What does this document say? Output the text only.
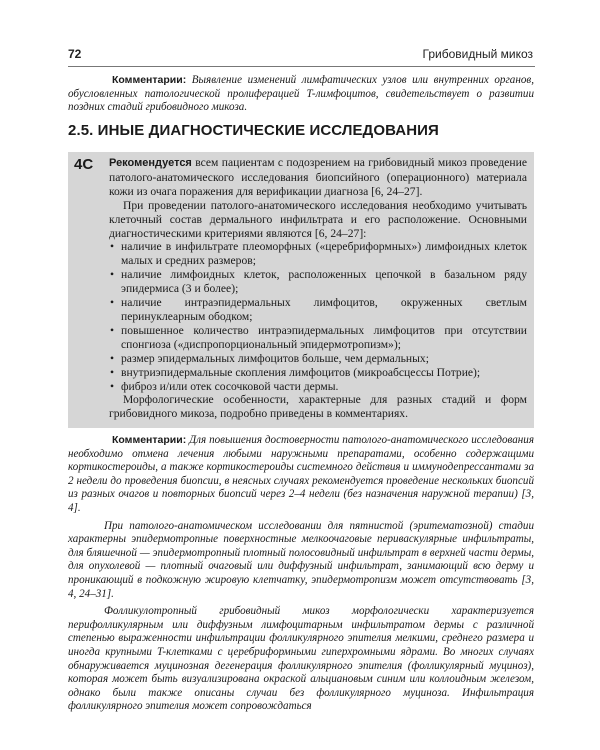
72	Грибовидный микоз
Комментарии: Выявление изменений лимфатических узлов или внутренних органов, обусловленных патологической пролиферацией T-лимфоцитов, свидетельствует о развитии поздних стадий грибовидного микоза.
2.5. ИНЫЕ ДИАГНОСТИЧЕСКИЕ ИССЛЕДОВАНИЯ
4C Рекомендуется всем пациентам с подозрением на грибовидный микоз проведение патолого-анатомического исследования биопсийного (операционного) материала кожи из очага поражения для верификации диагноза [6, 24–27].

При проведении патолого-анатомического исследования необходимо учитывать клеточный состав дермального инфильтрата и его расположение. Основными диагностическими критериями являются [6, 24–27]:

• наличие в инфильтрате плеоморфных («церебриформных») лимфоидных клеток малых и средних размеров;
• наличие лимфоидных клеток, расположенных цепочкой в базальном ряду эпидермиса (3 и более);
• наличие интраэпидермальных лимфоцитов, окруженных светлым перинуклеарным ободком;
• повышенное количество интраэпидермальных лимфоцитов при отсутствии спонгиоза («диспропорциональный эпидермотропизм»);
• размер эпидермальных лимфоцитов больше, чем дермальных;
• внутриэпидермальные скопления лимфоцитов (микроабсцессы Потрие);
• фиброз и/или отек сосочковой части дермы.

Морфологические особенности, характерные для разных стадий и форм грибовидного микоза, подробно приведены в комментариях.

Комментарии: Для повышения достоверности патолого-анатомического исследования необходимо отмена лечения любыми наружными препаратами, особенно содержащими кортикостероиды, а также кортикостероиды системного действия и иммунодепрессантами за 2 недели до проведения биопсии, в неясных случаях рекомендуется проведение нескольких биопсий из разных очагов и повторных биопсий через 2–4 недели (без назначения наружной терапии) [3, 4].

При патолого-анатомическом исследовании для пятнистой (эритематозной) стадии характерны эпидермотропные поверхностные мелкоочаговые периваскулярные инфильтраты, для бляшечной — эпидермотропный плотный полосовидный инфильтрат в верхней части дермы, для опухолевой — плотный очаговый или диффузный инфильтрат, занимающий всю дерму и проникающий в подкожную жировую клетчатку, эпидермотропизм может отсутствовать [3, 4, 24–31].

Фолликулотропный грибовидный микоз морфологически характеризуется перифолликулярным или диффузным лимфоцитарным инфильтратом дермы с различной степенью выраженности инфильтрации фолликулярного эпителия мелкими, среднего размера и иногда крупными T-клетками с церебриформными гиперхромными ядрами. Во многих случаях обнаруживается муцинозная дегенерация фолликулярного эпителия (фолликулярный муциноз), которая может быть визуализирована окраской альциановым синим или коллоидным железом, однако были также описаны случаи без фолликулярного муциноза. Инфильтрация фолликулярного эпителия может сопровождаться
